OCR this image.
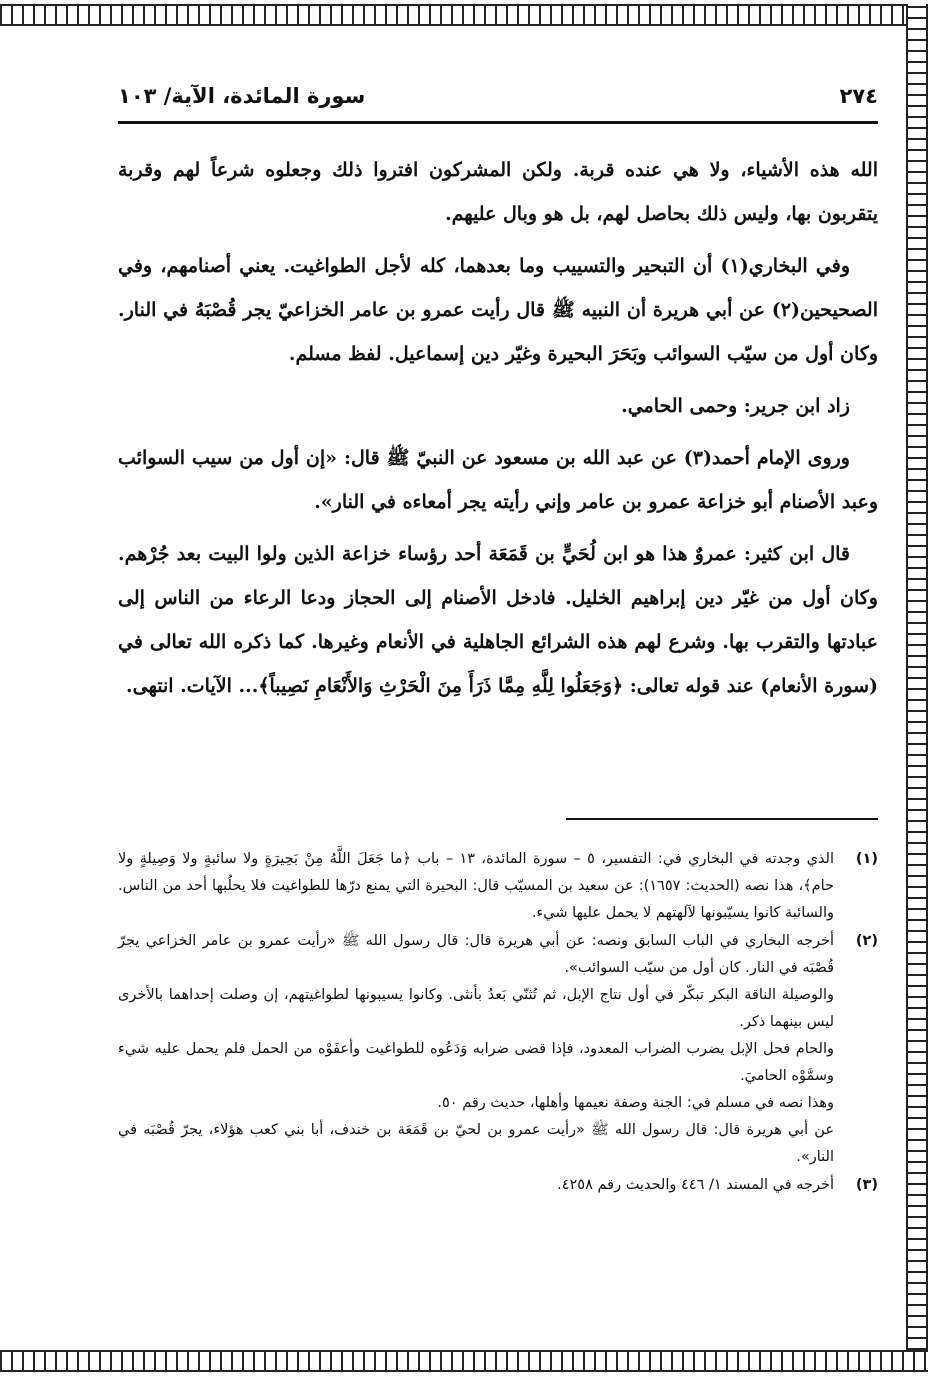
٢٧٤
سورة المائدة، الآية/ ١٠٣

الله هذه الأشياء، ولا هي عنده قربة. ولكن المشركون افتروا ذلك وجعلوه شرعاً لهم وقربة يتقربون بها، وليس ذلك بحاصل لهم، بل هو وبال عليهم.

وفي البخاري(١) أن التبحير والتسييب وما بعدهما، كله لأجل الطواغيت. يعني أصنامهم، وفي الصحيحين(٢) عن أبي هريرة أن النبيه ﷺ قال رأيت عمرو بن عامر الخزاعيّ يجر قُصْبَهُ في النار. وكان أول من سيّب السوائب وبَحَرَ البحيرة وغيّر دين إسماعيل. لفظ مسلم.

زاد ابن جرير: وحمى الحامي.

وروى الإمام أحمد(٣) عن عبد الله بن مسعود عن النبيّ ﷺ قال: «إن أول من سيب السوائب وعبد الأصنام أبو خزاعة عمرو بن عامر وإني رأيته يجر أمعاءه في النار».

قال ابن كثير: عمروٌ هذا هو ابن لُحَيٍّ بن قَمَعَة أحد رؤساء خزاعة الذين ولوا البيت بعد جُرْهم. وكان أول من غيّر دين إبراهيم الخليل. فادخل الأصنام إلى الحجاز ودعا الرعاء من الناس إلى عبادتها والتقرب بها. وشرع لهم هذه الشرائع الجاهلية في الأنعام وغيرها. كما ذكره الله تعالى في (سورة الأنعام) عند قوله تعالى: ﴿وَجَعَلُوا لِلَّهِ مِمَّا ذَرَأَ مِنَ الْحَرْثِ وَالأَنْعَامِ نَصِيباً﴾... الآيات. انتهى.

(١)
الذي وجدته في البخاري في: التفسير، ٥ – سورة المائدة، ١٣ – باب ﴿ما جَعَلَ اللَّهُ مِنْ بَحِيرَةٍ ولا سائبةٍ ولا وَصِيلةٍ ولا حام﴾، هذا نصه (الحديث: ١٦٥٧): عن سعيد بن المسيّب قال: البحيرة التي يمنع درّها للطواغيت فلا يحلُبها أحد من الناس. والسائبة كانوا يسيّبونها لآلهتهم لا يحمل عليها شيء.
(٢)
أخرجه البخاري في الباب السابق ونصه: عن أبي هريرة قال: قال رسول الله ﷺ «رأيت عمرو بن عامر الخزاعي يجرّ قُصْبَه في النار. كان أول من سيّب السوائب».
والوصيلة الناقة البكر تبكّر في أول نتاج الإبل، ثم تُثنّي بَعدُ بأنثى. وكانوا يسيبونها لطواغيتهم، إن وصلت إحداهما بالأخرى ليس بينهما ذكر.
والحام فحل الإبل يضرب الضراب المعدود، فإذا قضى ضرابه وَدَعُوه للطواغيت وأعفَوْه من الحمل فلم يحمل عليه شيء وسمَّوْه الحاميَ.
وهذا نصه في مسلم في: الجنة وصفة نعيمها وأهلها، حديث رقم ٥٠.
عن أبي هريرة قال: قال رسول الله ﷺ «رأيت عمرو بن لحيّ بن قَمَعَة بن خندف، أبا بني كعب هؤلاء، يجرّ قُصْبَه في النار».
(٣)
أخرجه في المسند ١/ ٤٤٦ والحديث رقم ٤٢٥٨.
